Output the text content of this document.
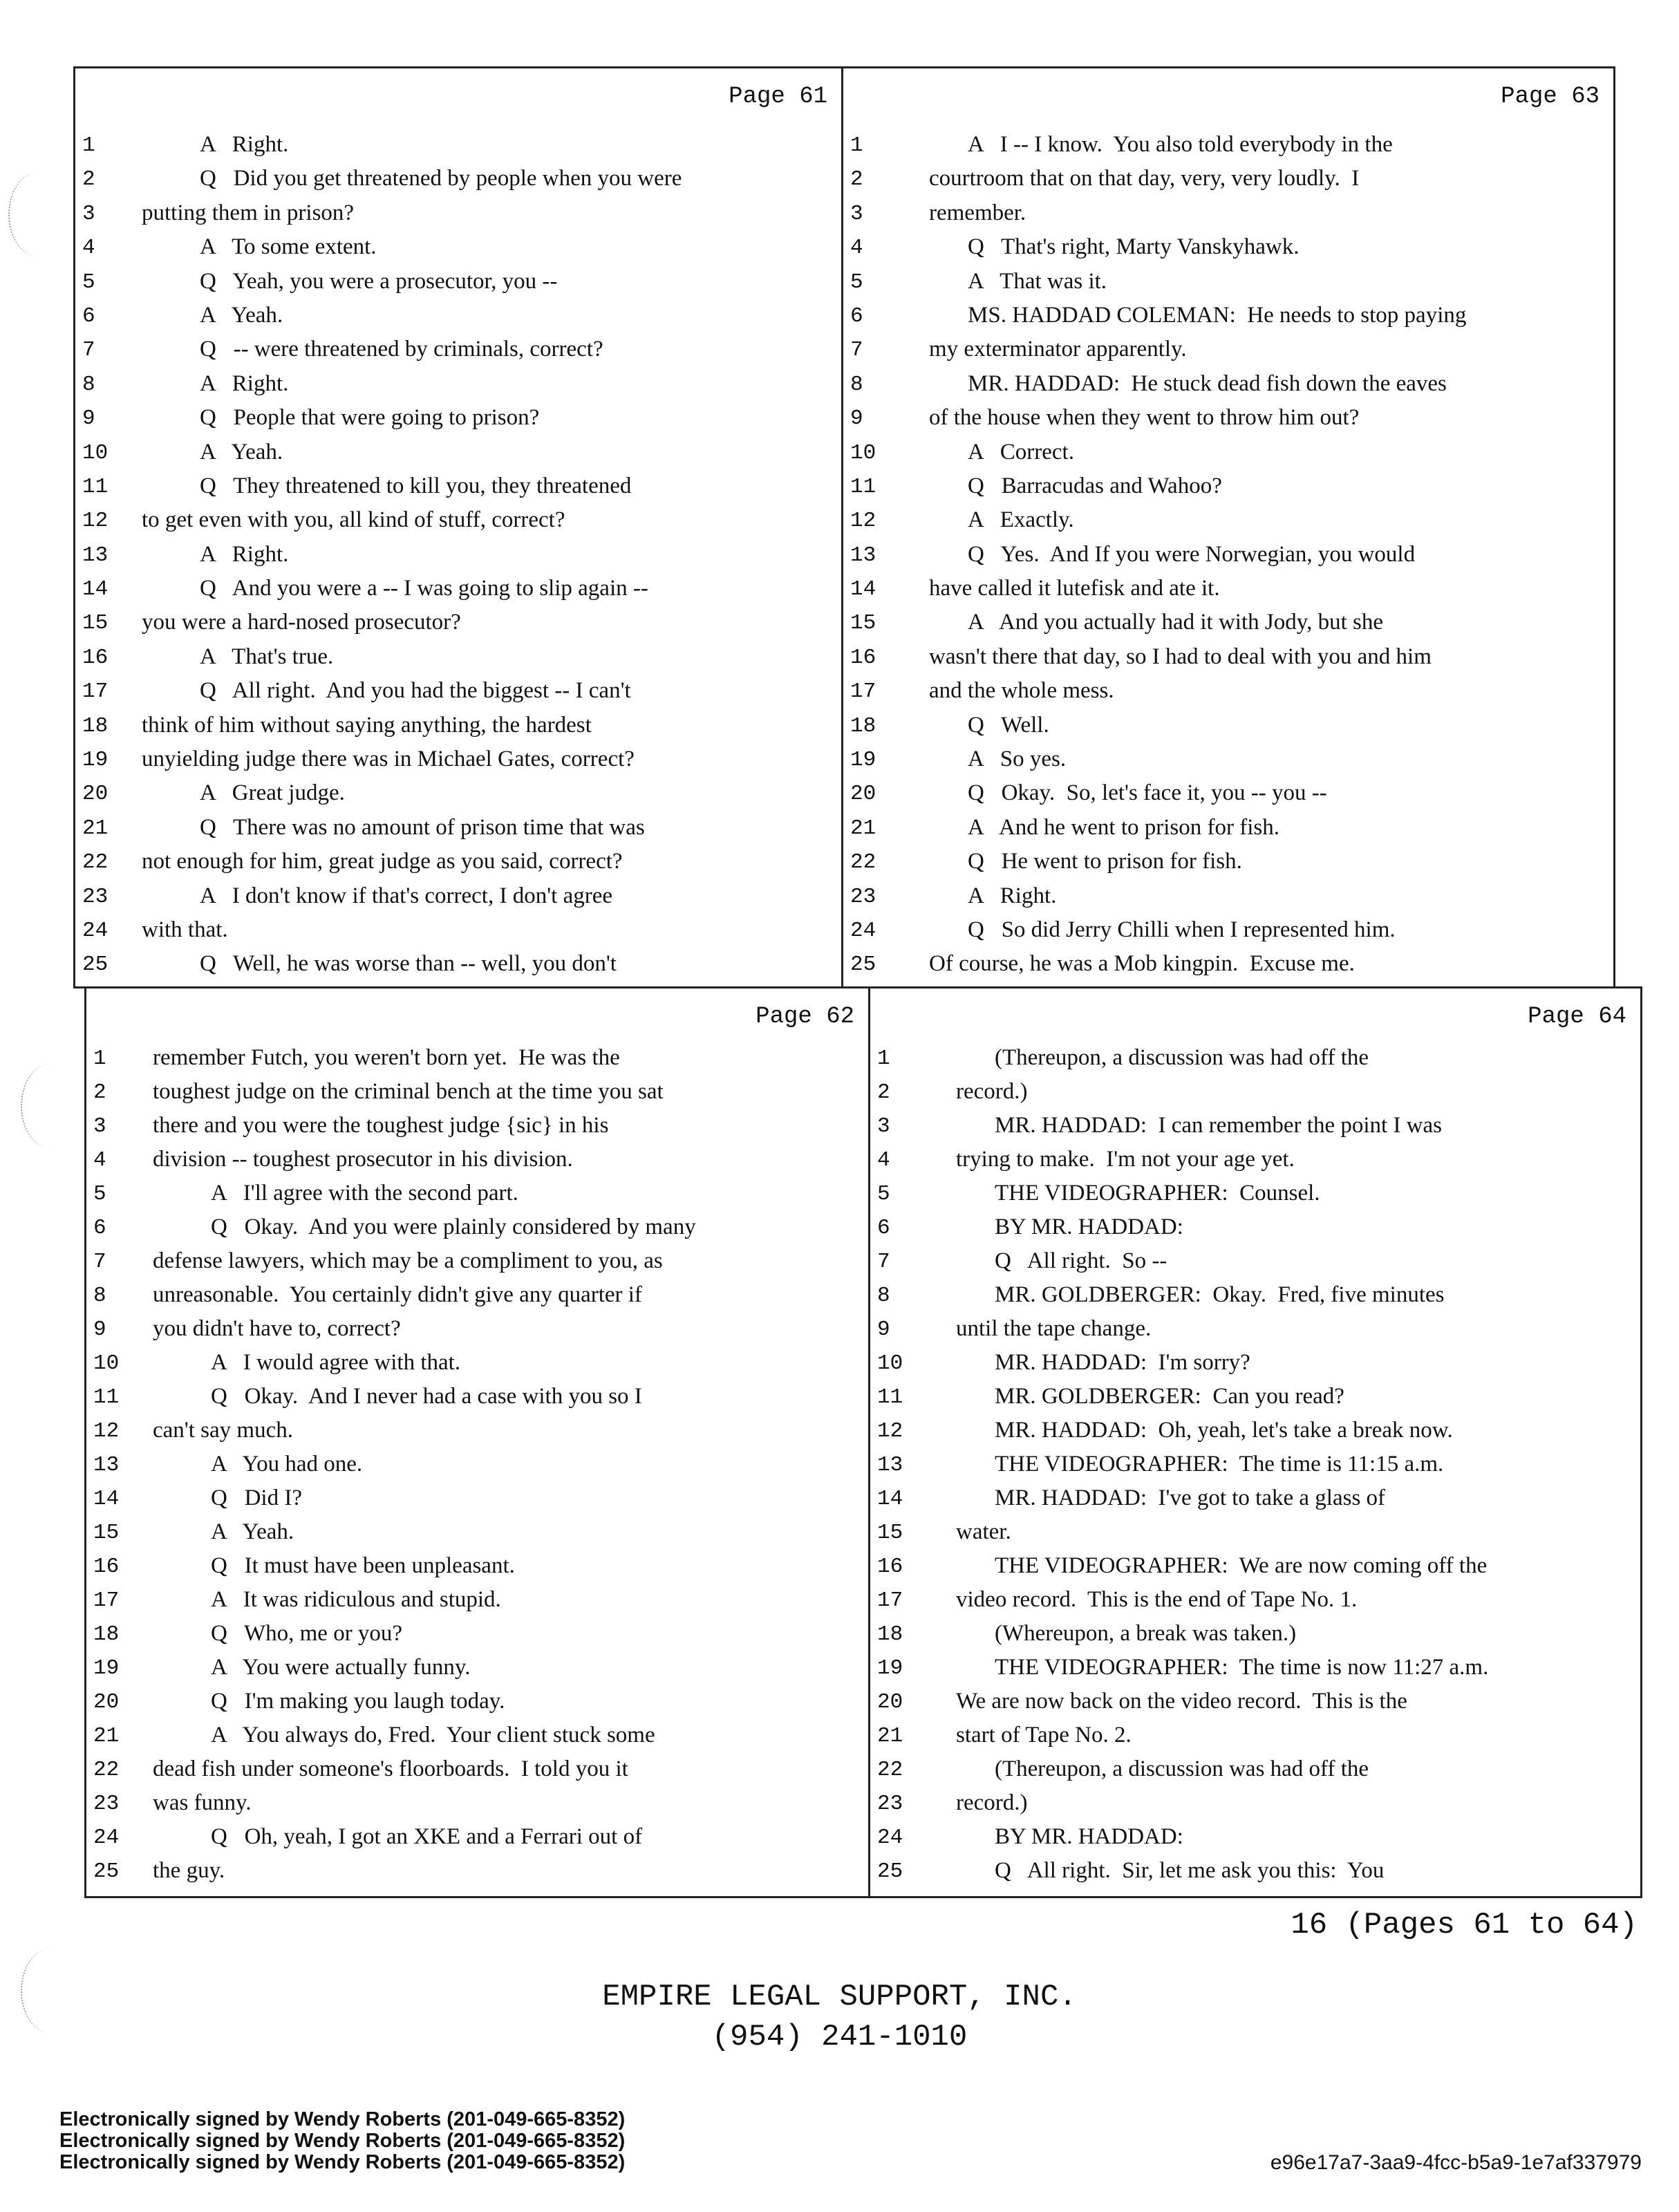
Page 61
1	A   Right.
2	Q   Did you get threatened by people when you were
3	putting them in prison?
4	A   To some extent.
5	Q   Yeah, you were a prosecutor, you --
6	A   Yeah.
7	Q   -- were threatened by criminals, correct?
8	A   Right.
9	Q   People that were going to prison?
10	A   Yeah.
11	Q   They threatened to kill you, they threatened
12	to get even with you, all kind of stuff, correct?
13	A   Right.
14	Q   And you were a -- I was going to slip again --
15	you were a hard-nosed prosecutor?
16	A   That's true.
17	Q   All right.  And you had the biggest -- I can't
18	think of him without saying anything, the hardest
19	unyielding judge there was in Michael Gates, correct?
20	A   Great judge.
21	Q   There was no amount of prison time that was
22	not enough for him, great judge as you said, correct?
23	A   I don't know if that's correct, I don't agree
24	with that.
25	Q   Well, he was worse than -- well, you don't
Page 63
1	A   I -- I know.  You also told everybody in the
2	courtroom that on that day, very, very loudly.  I
3	remember.
4	Q   That's right, Marty Vanskyhawk.
5	A   That was it.
6	MS. HADDAD COLEMAN:  He needs to stop paying
7	my exterminator apparently.
8	MR. HADDAD:  He stuck dead fish down the eaves
9	of the house when they went to throw him out?
10	A   Correct.
11	Q   Barracudas and Wahoo?
12	A   Exactly.
13	Q   Yes.  And If you were Norwegian, you would
14	have called it lutefisk and ate it.
15	A   And you actually had it with Jody, but she
16	wasn't there that day, so I had to deal with you and him
17	and the whole mess.
18	Q   Well.
19	A   So yes.
20	Q   Okay.  So, let's face it, you -- you --
21	A   And he went to prison for fish.
22	Q   He went to prison for fish.
23	A   Right.
24	Q   So did Jerry Chilli when I represented him.
25	Of course, he was a Mob kingpin.  Excuse me.
Page 62
1	remember Futch, you weren't born yet.  He was the
2	toughest judge on the criminal bench at the time you sat
3	there and you were the toughest judge {sic} in his
4	division -- toughest prosecutor in his division.
5	A   I'll agree with the second part.
6	Q   Okay.  And you were plainly considered by many
7	defense lawyers, which may be a compliment to you, as
8	unreasonable.  You certainly didn't give any quarter if
9	you didn't have to, correct?
10	A   I would agree with that.
11	Q   Okay.  And I never had a case with you so I
12	can't say much.
13	A   You had one.
14	Q   Did I?
15	A   Yeah.
16	Q   It must have been unpleasant.
17	A   It was ridiculous and stupid.
18	Q   Who, me or you?
19	A   You were actually funny.
20	Q   I'm making you laugh today.
21	A   You always do, Fred.  Your client stuck some
22	dead fish under someone's floorboards.  I told you it
23	was funny.
24	Q   Oh, yeah, I got an XKE and a Ferrari out of
25	the guy.
Page 64
1	(Thereupon, a discussion was had off the
2	record.)
3	MR. HADDAD:  I can remember the point I was
4	trying to make.  I'm not your age yet.
5	THE VIDEOGRAPHER:  Counsel.
6	BY MR. HADDAD:
7	Q   All right.  So --
8	MR. GOLDBERGER:  Okay.  Fred, five minutes
9	until the tape change.
10	MR. HADDAD:  I'm sorry?
11	MR. GOLDBERGER:  Can you read?
12	MR. HADDAD:  Oh, yeah, let's take a break now.
13	THE VIDEOGRAPHER:  The time is 11:15 a.m.
14	MR. HADDAD:  I've got to take a glass of
15	water.
16	THE VIDEOGRAPHER:  We are now coming off the
17	video record.  This is the end of Tape No. 1.
18	(Whereupon, a break was taken.)
19	THE VIDEOGRAPHER:  The time is now 11:27 a.m.
20	We are now back on the video record.  This is the
21	start of Tape No. 2.
22	(Thereupon, a discussion was had off the
23	record.)
24	BY MR. HADDAD:
25	Q   All right.  Sir, let me ask you this:  You
16 (Pages 61 to 64)
EMPIRE LEGAL SUPPORT, INC.
(954) 241-1010
Electronically signed by Wendy Roberts (201-049-665-8352)
Electronically signed by Wendy Roberts (201-049-665-8352)
Electronically signed by Wendy Roberts (201-049-665-8352)	e96e17a7-3aa9-4fcc-b5a9-1e7af337979
